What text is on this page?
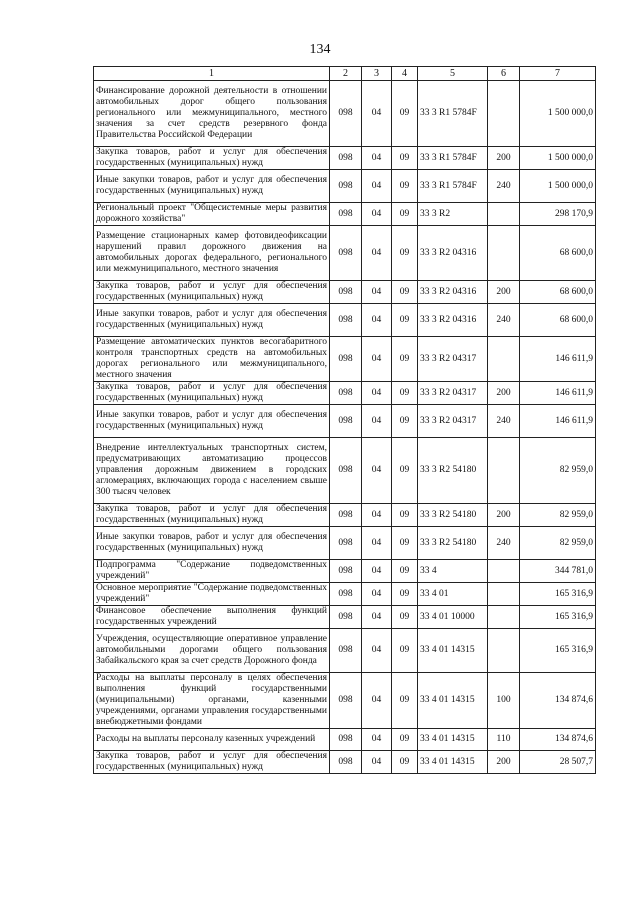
134
1	2	3	4	5	6	7
Финансирование дорожной деятельности в отношении автомобильных дорог общего пользования регионального или межмуниципального, местного значения за счет средств резервного фонда Правительства Российской Федерации	098	04	09	33 3 R1 5784F		1 500 000,0
Закупка товаров, работ и услуг для обеспечения государственных (муниципальных) нужд	098	04	09	33 3 R1 5784F	200	1 500 000,0
Иные закупки товаров, работ и услуг для обеспечения государственных (муниципальных) нужд	098	04	09	33 3 R1 5784F	240	1 500 000,0
Региональный проект "Общесистемные меры развития дорожного хозяйства"	098	04	09	33 3 R2		298 170,9
Размещение стационарных камер фотовидеофиксации нарушений правил дорожного движения на автомобильных дорогах федерального, регионального или межмуниципального, местного значения	098	04	09	33 3 R2 04316		68 600,0
Закупка товаров, работ и услуг для обеспечения государственных (муниципальных) нужд	098	04	09	33 3 R2 04316	200	68 600,0
Иные закупки товаров, работ и услуг для обеспечения государственных (муниципальных) нужд	098	04	09	33 3 R2 04316	240	68 600,0
Размещение автоматических пунктов весогабаритного контроля транспортных средств на автомобильных дорогах регионального или межмуниципального, местного значения	098	04	09	33 3 R2 04317		146 611,9
Закупка товаров, работ и услуг для обеспечения государственных (муниципальных) нужд	098	04	09	33 3 R2 04317	200	146 611,9
Иные закупки товаров, работ и услуг для обеспечения государственных (муниципальных) нужд	098	04	09	33 3 R2 04317	240	146 611,9
Внедрение интеллектуальных транспортных систем, предусматривающих автоматизацию процессов управления дорожным движением в городских агломерациях, включающих города с населением свыше 300 тысяч человек	098	04	09	33 3 R2 54180		82 959,0
Закупка товаров, работ и услуг для обеспечения государственных (муниципальных) нужд	098	04	09	33 3 R2 54180	200	82 959,0
Иные закупки товаров, работ и услуг для обеспечения государственных (муниципальных) нужд	098	04	09	33 3 R2 54180	240	82 959,0
Подпрограмма "Содержание подведомственных учреждений"	098	04	09	33 4		344 781,0
Основное мероприятие "Содержание подведомственных учреждений"	098	04	09	33 4 01		165 316,9
Финансовое обеспечение выполнения функций государственных учреждений	098	04	09	33 4 01 10000		165 316,9
Учреждения, осуществляющие оперативное управление автомобильными дорогами общего пользования Забайкальского края за счет средств Дорожного фонда	098	04	09	33 4 01 14315		165 316,9
Расходы на выплаты персоналу в целях обеспечения выполнения функций государственными (муниципальными) органами, казенными учреждениями, органами управления государственными внебюджетными фондами	098	04	09	33 4 01 14315	100	134 874,6
Расходы на выплаты персоналу казенных учреждений	098	04	09	33 4 01 14315	110	134 874,6
Закупка товаров, работ и услуг для обеспечения государственных (муниципальных) нужд	098	04	09	33 4 01 14315	200	28 507,7
